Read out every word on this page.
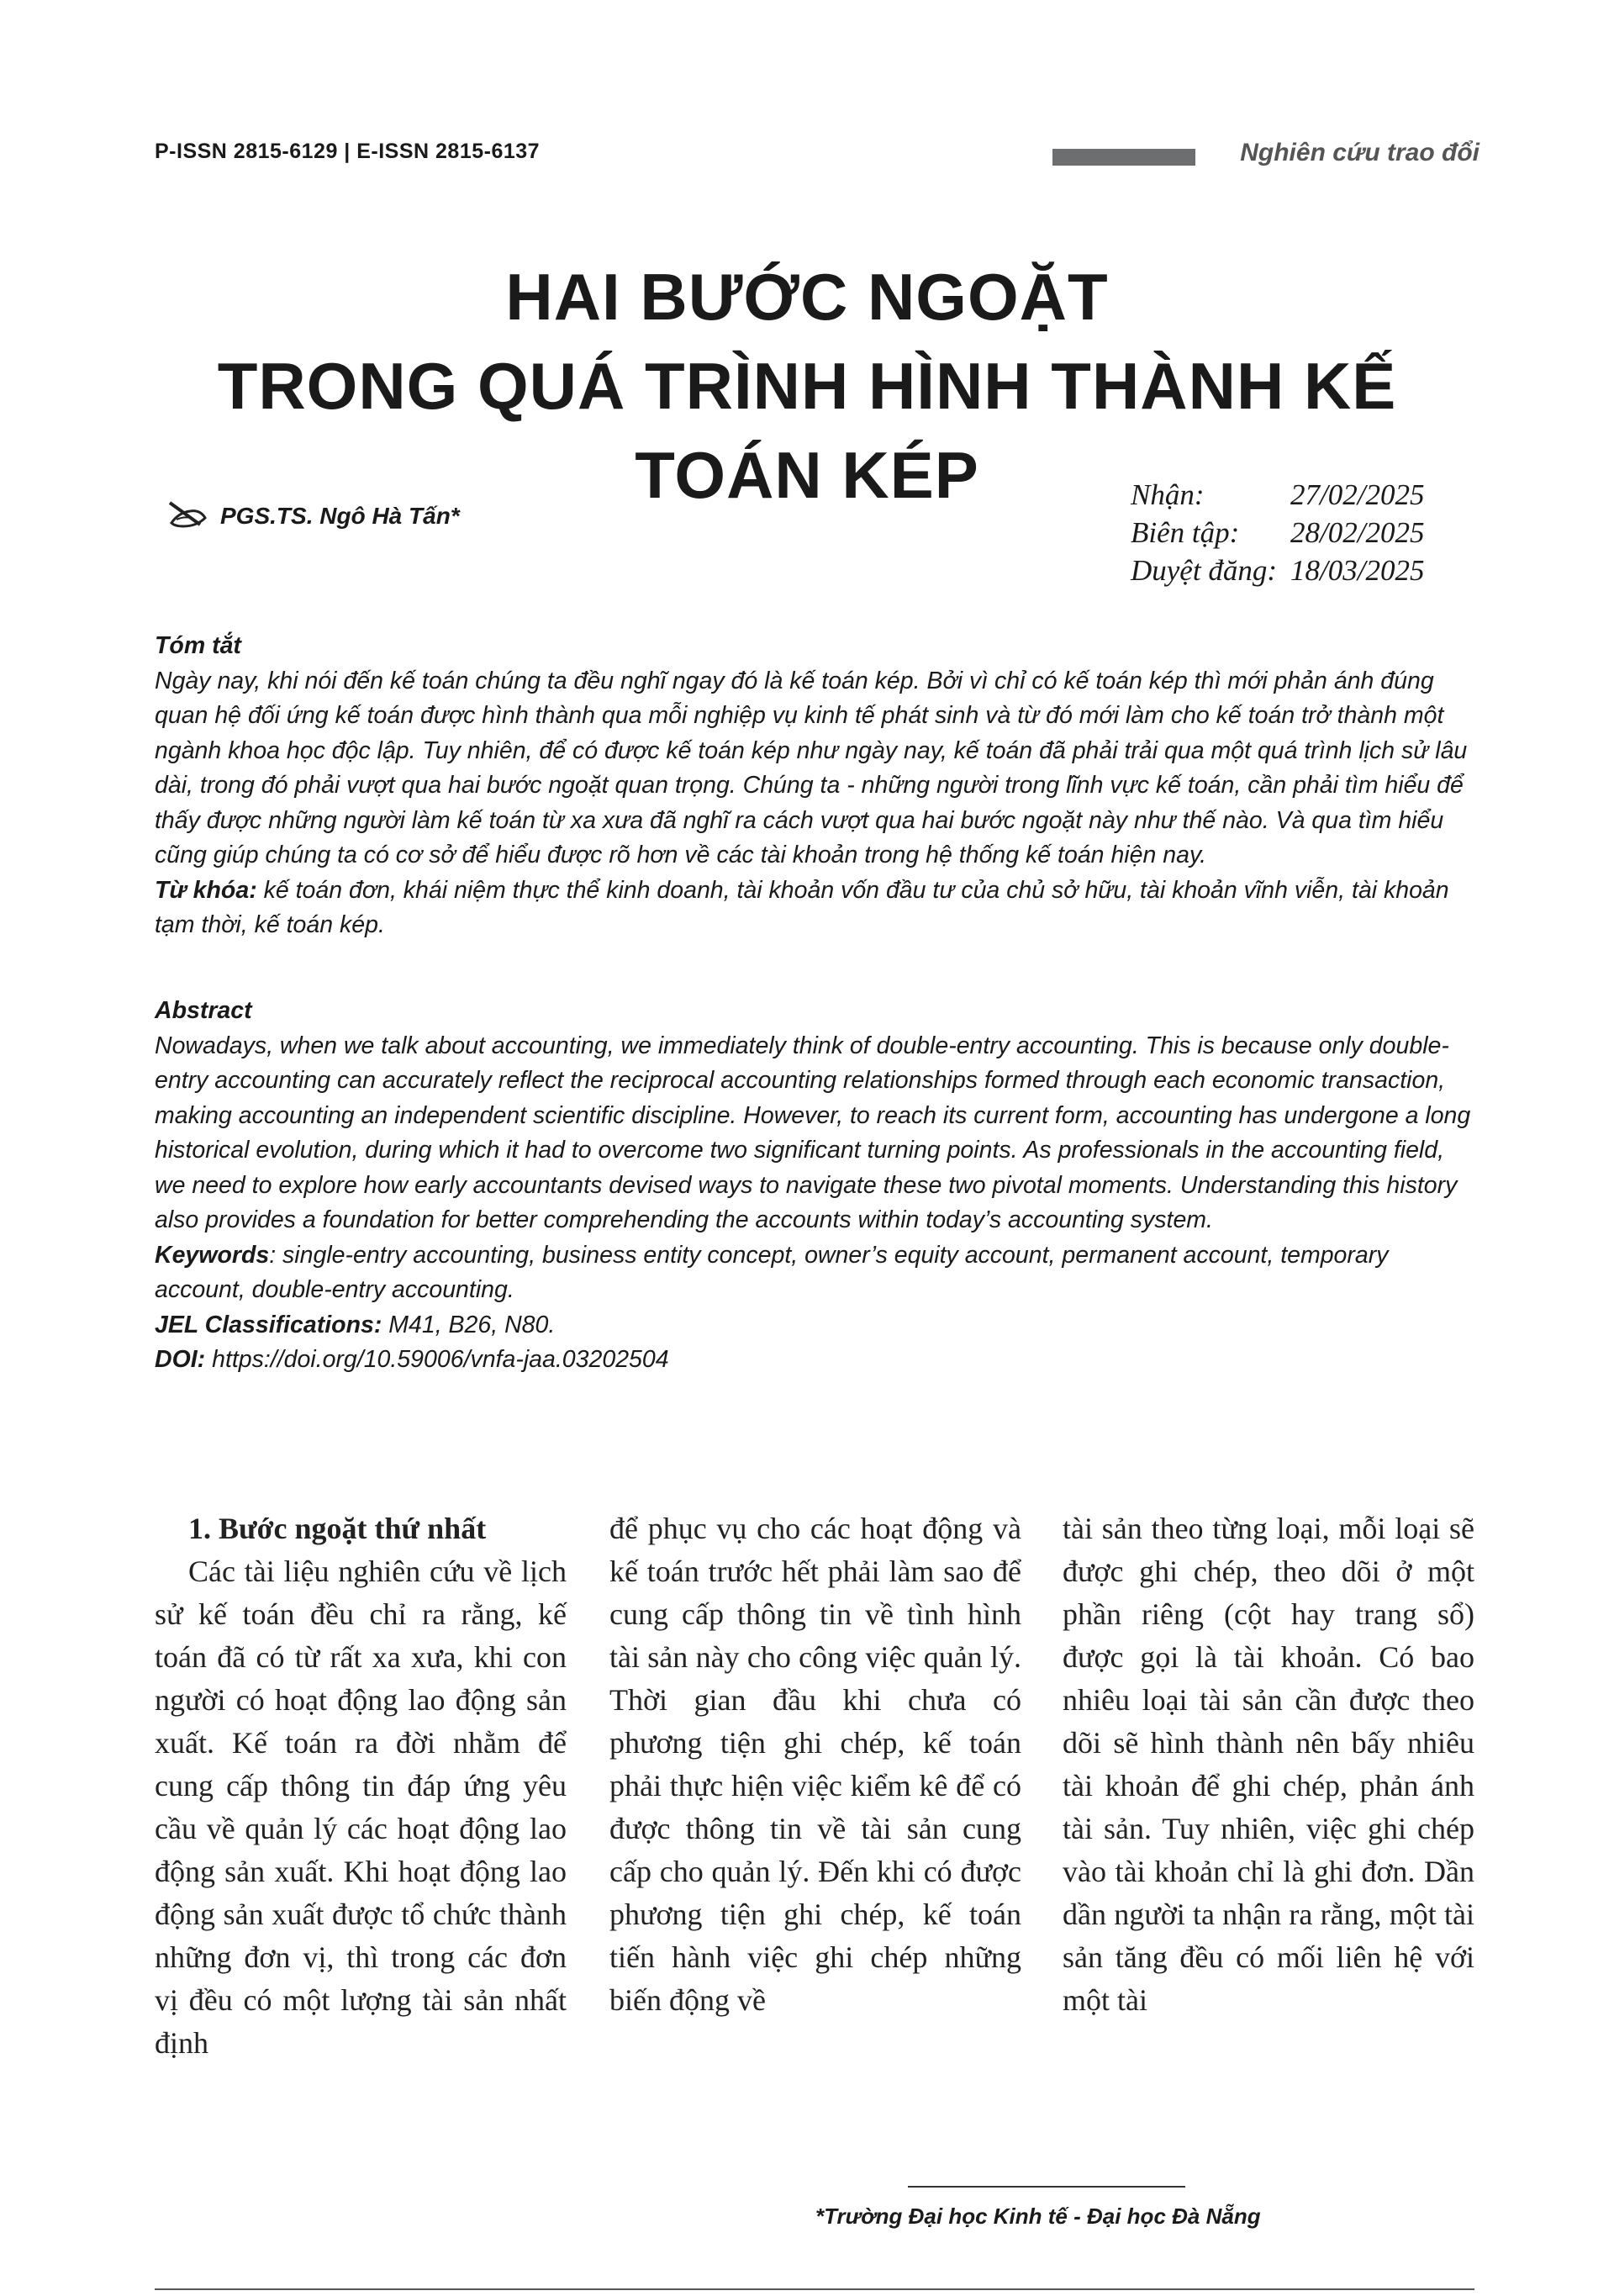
P-ISSN 2815-6129 | E-ISSN 2815-6137	Nghiên cứu trao đổi
HAI BƯỚC NGOẶT
TRONG QUÁ TRÌNH HÌNH THÀNH KẾ TOÁN KÉP
PGS.TS. Ngô Hà Tấn*
Nhận:	27/02/2025
Biên tập:	28/02/2025
Duyệt đăng: 18/03/2025
Tóm tắt
Ngày nay, khi nói đến kế toán chúng ta đều nghĩ ngay đó là kế toán kép. Bởi vì chỉ có kế toán kép thì mới phản ánh đúng quan hệ đối ứng kế toán được hình thành qua mỗi nghiệp vụ kinh tế phát sinh và từ đó mới làm cho kế toán trở thành một ngành khoa học độc lập. Tuy nhiên, để có được kế toán kép như ngày nay, kế toán đã phải trải qua một quá trình lịch sử lâu dài, trong đó phải vượt qua hai bước ngoặt quan trọng. Chúng ta - những người trong lĩnh vực kế toán, cần phải tìm hiểu để thấy được những người làm kế toán từ xa xưa đã nghĩ ra cách vượt qua hai bước ngoặt này như thế nào. Và qua tìm hiểu cũng giúp chúng ta có cơ sở để hiểu được rõ hơn về các tài khoản trong hệ thống kế toán hiện nay.
Từ khóa: kế toán đơn, khái niệm thực thể kinh doanh, tài khoản vốn đầu tư của chủ sở hữu, tài khoản vĩnh viễn, tài khoản tạm thời, kế toán kép.
Abstract
Nowadays, when we talk about accounting, we immediately think of double-entry accounting. This is because only double-entry accounting can accurately reflect the reciprocal accounting relationships formed through each economic transaction, making accounting an independent scientific discipline. However, to reach its current form, accounting has undergone a long historical evolution, during which it had to overcome two significant turning points. As professionals in the accounting field, we need to explore how early accountants devised ways to navigate these two pivotal moments. Understanding this history also provides a foundation for better comprehending the accounts within today’s accounting system.
Keywords: single-entry accounting, business entity concept, owner’s equity account, permanent account, temporary account, double-entry accounting.
JEL Classifications: M41, B26, N80.
DOI: https://doi.org/10.59006/vnfa-jaa.03202504
1. Bước ngoặt thứ nhất
Các tài liệu nghiên cứu về lịch sử kế toán đều chỉ ra rằng, kế toán đã có từ rất xa xưa, khi con người có hoạt động lao động sản xuất. Kế toán ra đời nhằm để cung cấp thông tin đáp ứng yêu cầu về quản lý các hoạt động lao động sản xuất. Khi hoạt động lao động sản xuất được tổ chức thành những đơn vị, thì trong các đơn vị đều có một lượng tài sản nhất định
để phục vụ cho các hoạt động và kế toán trước hết phải làm sao để cung cấp thông tin về tình hình tài sản này cho công việc quản lý. Thời gian đầu khi chưa có phương tiện ghi chép, kế toán phải thực hiện việc kiểm kê để có được thông tin về tài sản cung cấp cho quản lý. Đến khi có được phương tiện ghi chép, kế toán tiến hành việc ghi chép những biến động về
tài sản theo từng loại, mỗi loại sẽ được ghi chép, theo dõi ở một phần riêng (cột hay trang sổ) được gọi là tài khoản. Có bao nhiêu loại tài sản cần được theo dõi sẽ hình thành nên bấy nhiêu tài khoản để ghi chép, phản ánh tài sản. Tuy nhiên, việc ghi chép vào tài khoản chỉ là ghi đơn. Dần dần người ta nhận ra rằng, một tài sản tăng đều có mối liên hệ với một tài
*Trường Đại học Kinh tế - Đại học Đà Nẵng
